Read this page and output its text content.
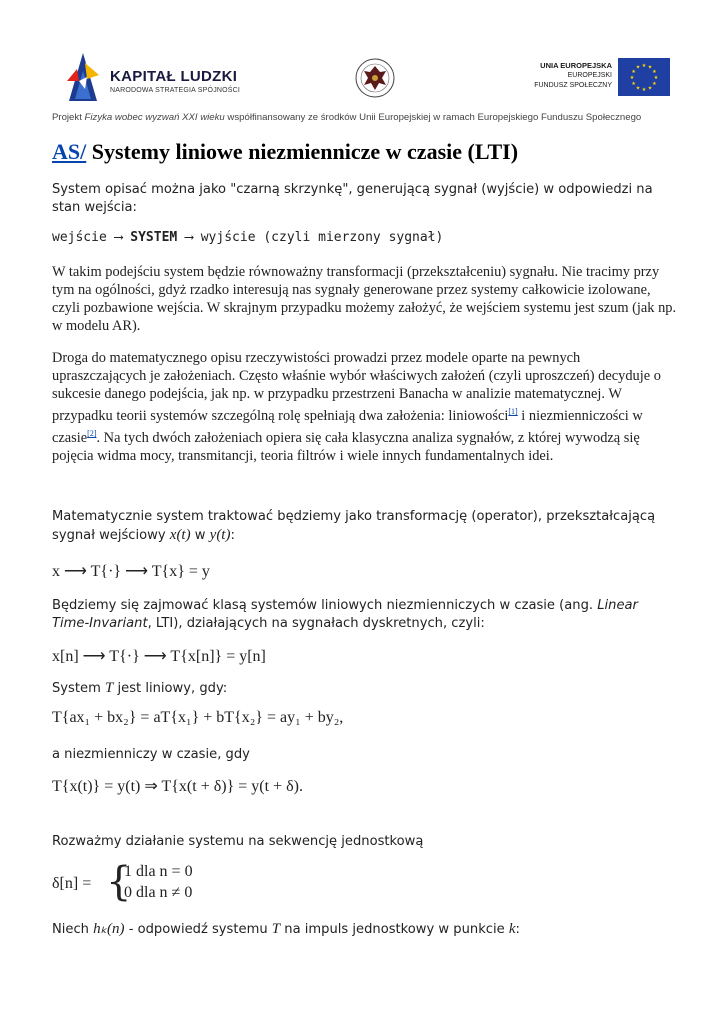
KAPITAŁ LUDZKI
NARODOWA STRATEGIA SPÓJNOŚCI
UNIA EUROPEJSKA
EUROPEJSKI
FUNDUSZ SPOŁECZNY
★ ★
★
★
★
★
★
★
★
★
★
★
Projekt Fizyka wobec wyzwań XXI wieku współfinansowany ze środków Unii Europejskiej w ramach Europejskiego Funduszu Społecznego
AS/ Systemy liniowe niezmiennicze w czasie (LTI)
System opisać można jako "czarną skrzynkę", generującą sygnał (wyjście) w odpowiedzi na stan wejścia:
wejście ⟶ SYSTEM ⟶ wyjście (czyli mierzony sygnał)
W takim podejściu system będzie równoważny transformacji (przekształceniu) sygnału. Nie tracimy przy tym na ogólności, gdyż rzadko interesują nas sygnały generowane przez systemy całkowicie izolowane, czyli pozbawione wejścia. W skrajnym przypadku możemy założyć, że wejściem systemu jest szum (jak np. w modelu AR).
Droga do matematycznego opisu rzeczywistości prowadzi przez modele oparte na pewnych upraszczających je założeniach. Często właśnie wybór właściwych założeń (czyli uproszczeń) decyduje o sukcesie danego podejścia, jak np. w przypadku przestrzeni Banacha w analizie matematycznej. W przypadku teorii systemów szczególną rolę spełniają dwa założenia: liniowości[1] i niezmienniczości w czasie[2]. Na tych dwóch założeniach opiera się cała klasyczna analiza sygnałów, z której wywodzą się pojęcia widma mocy, transmitancji, teoria filtrów i wiele innych fundamentalnych idei.
Matematycznie system traktować będziemy jako transformację (operator), przekształcającą sygnał wejściowy x(t) w y(t):
x ⟶ T{·} ⟶ T{x} = y
Będziemy się zajmować klasą systemów liniowych niezmienniczych w czasie (ang. Linear Time-Invariant, LTI), działających na sygnałach dyskretnych, czyli:
x[n] ⟶ T{·} ⟶ T{x[n]} = y[n]
System T jest liniowy, gdy:
T{ax₁ + bx₂} = aT{x₁} + bT{x₂} = ay₁ + by₂,
a niezmienniczy w czasie, gdy
T{x(t)} = y(t) ⇒ T{x(t + δ)} = y(t + δ).
Rozważmy działanie systemu na sekwencję jednostkową
δ[n] = {
1 dla n = 0
0 dla n ≠ 0
Niech hₖ(n) - odpowiedź systemu T na impuls jednostkowy w punkcie k:
